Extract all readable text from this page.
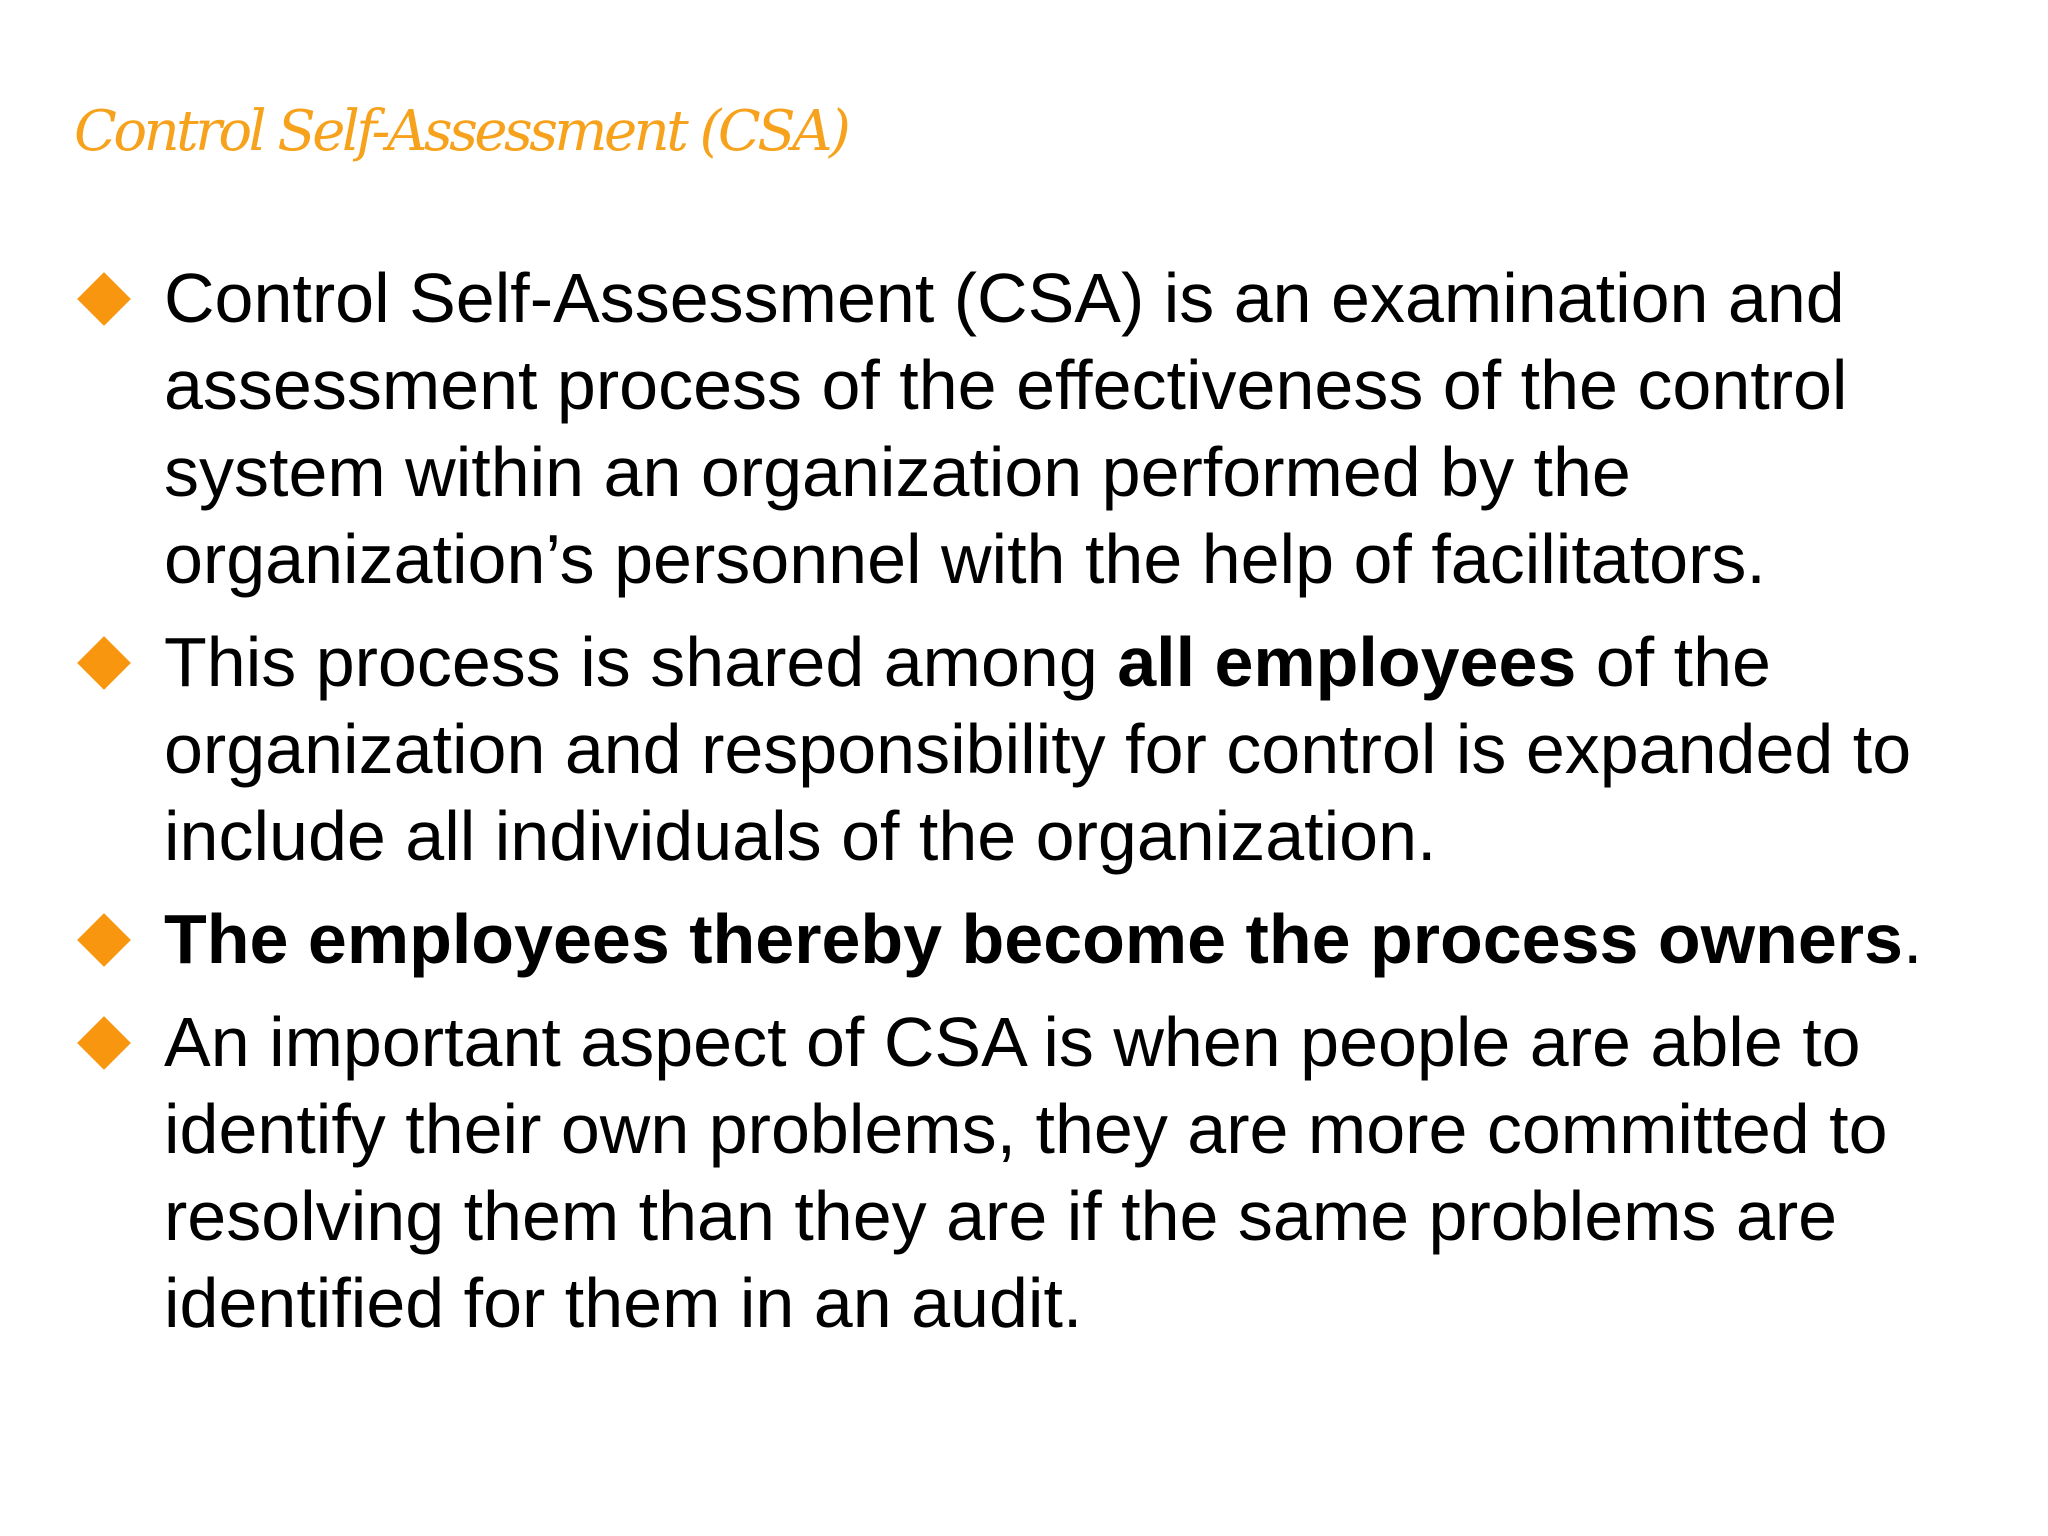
Control Self-Assessment (CSA)
Control Self-Assessment (CSA) is an examination and assessment process of the effectiveness of the control system within an organization performed by the organization’s personnel with the help of facilitators.
This process is shared among all employees of the organization and responsibility for control is expanded to include all individuals of the organization.
The employees thereby become the process owners.
An important aspect of CSA is when people are able to identify their own problems, they are more committed to resolving them than they are if the same problems are identified for them in an audit.
